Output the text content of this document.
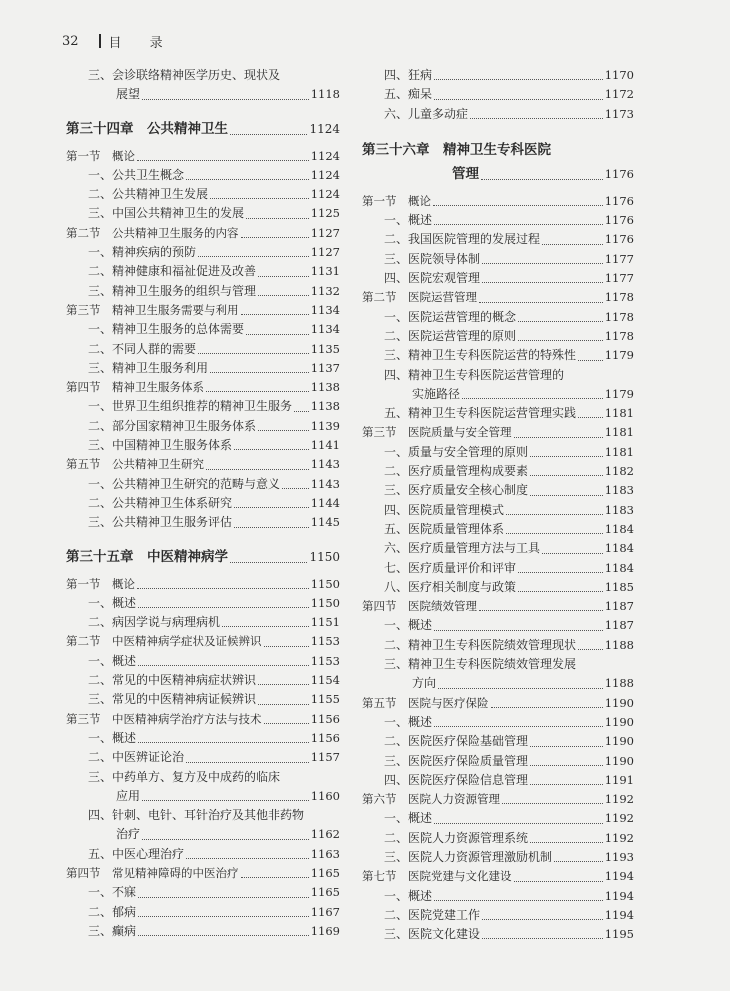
32 目 录
三、会诊联络精神医学历史、现状及
展望	1118
第三十四章　公共精神卫生	1124
第一节　概论	1124
一、公共卫生概念	1124
二、公共精神卫生发展	1124
三、中国公共精神卫生的发展	1125
第二节　公共精神卫生服务的内容	1127
一、精神疾病的预防	1127
二、精神健康和福祉促进及改善	1131
三、精神卫生服务的组织与管理	1132
第三节　精神卫生服务需要与利用	1134
一、精神卫生服务的总体需要	1134
二、不同人群的需要	1135
三、精神卫生服务利用	1137
第四节　精神卫生服务体系	1138
一、世界卫生组织推荐的精神卫生服务 1138
二、部分国家精神卫生服务体系	1139
三、中国精神卫生服务体系	1141
第五节　公共精神卫生研究	1143
一、公共精神卫生研究的范畴与意义	1143
二、公共精神卫生体系研究	1144
三、公共精神卫生服务评估	1145
第三十五章　中医精神病学	1150
第一节　概论	1150
一、概述	1150
二、病因学说与病理病机	1151
第二节　中医精神病学症状及证候辨识	1153
一、概述	1153
二、常见的中医精神病症状辨识	1154
三、常见的中医精神病证候辨识	1155
第三节　中医精神病学治疗方法与技术	1156
一、概述	1156
二、中医辨证论治	1157
三、中药单方、复方及中成药的临床
应用	1160
四、针刺、电针、耳针治疗及其他非药物
治疗	1162
五、中医心理治疗	1163
第四节　常见精神障碍的中医治疗	1165
一、不寐	1165
二、郁病	1167
三、癫病	1169
四、狂病	1170
五、痴呆	1172
六、儿童多动症	1173
第三十六章　精神卫生专科医院
管理	1176
第一节　概论	1176
一、概述	1176
二、我国医院管理的发展过程	1176
三、医院领导体制	1177
四、医院宏观管理	1177
第二节　医院运营管理	1178
一、医院运营管理的概念	1178
二、医院运营管理的原则	1178
三、精神卫生专科医院运营的特殊性 1179
四、精神卫生专科医院运营管理的
实施路径	1179
五、精神卫生专科医院运营管理实践 1181
第三节　医院质量与安全管理	1181
一、质量与安全管理的原则	1181
二、医疗质量管理构成要素	1182
三、医疗质量安全核心制度	1183
四、医院质量管理模式	1183
五、医院质量管理体系	1184
六、医疗质量管理方法与工具	1184
七、医疗质量评价和评审	1184
八、医疗相关制度与政策	1185
第四节　医院绩效管理	1187
一、概述	1187
二、精神卫生专科医院绩效管理现状 1188
三、精神卫生专科医院绩效管理发展
方向	1188
第五节　医院与医疗保险	1190
一、概述	1190
二、医院医疗保险基础管理	1190
三、医院医疗保险质量管理	1190
四、医院医疗保险信息管理	1191
第六节　医院人力资源管理	1192
一、概述	1192
二、医院人力资源管理系统	1192
三、医院人力资源管理激励机制	1193
第七节　医院党建与文化建设	1194
一、概述	1194
二、医院党建工作	1194
三、医院文化建设	1195
